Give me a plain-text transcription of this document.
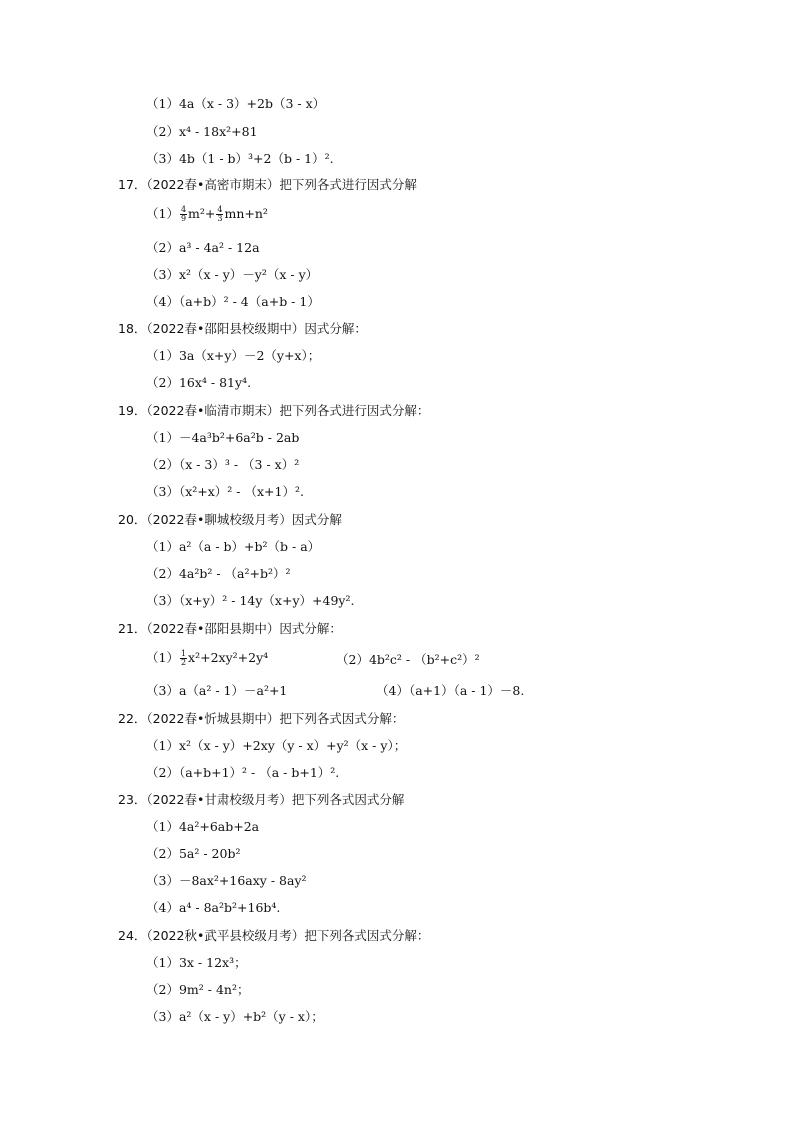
（1）4a（x - 3）+2b（3 - x）
（2）x⁴ - 18x²+81
（3）4b（1 - b）³+2（b - 1）².
17．（2022春•高密市期末）把下列各式进行因式分解
$(1) \frac{4}{9} m^2+ \frac{4}{3} mn+n^2$
（2）a³ - 4a² - 12a
（3）x²（x - y）－y²（x - y）
（4）（a+b）² - 4（a+b - 1）
18．（2022春•邵阳县校级期中）因式分解：
（1）3a（x+y）－2（y+x）；
（2）16x⁴ - 81y⁴.
19．（2022春•临清市期末）把下列各式进行因式分解：
（1）－4a³b²+6a²b - 2ab
（2）（x - 3）³ - （3 - x）²
（3）（x²+x）² - （x+1）².
20．（2022春•聊城校级月考）因式分解
（1）a²（a - b）+b²（b - a）
（2）4a²b² - （a²+b²）²
（3）（x+y）² - 14y（x+y）+49y².
21．（2022春•邵阳县期中）因式分解：
$(1) \frac{1}{2} x^2+2xy^2+2y^4$	（2）4b²c² - （b²+c²）²
（3）a（a² - 1）－a²+1	（4）（a+1）（a - 1）－8.
22．（2022春•忻城县期中）把下列各式因式分解：
（1）x²（x - y）+2xy（y - x）+y²（x - y）；
（2）（a+b+1）² - （a - b+1）².
23．（2022春•甘肃校级月考）把下列各式因式分解
（1）4a²+6ab+2a
（2）5a² - 20b²
（3）－8ax²+16axy - 8ay²
（4）a⁴ - 8a²b²+16b⁴.
24．（2022秋•武平县校级月考）把下列各式因式分解：
（1）3x - 12x³；
（2）9m² - 4n²；
（3）a²（x - y）+b²（y - x）；
